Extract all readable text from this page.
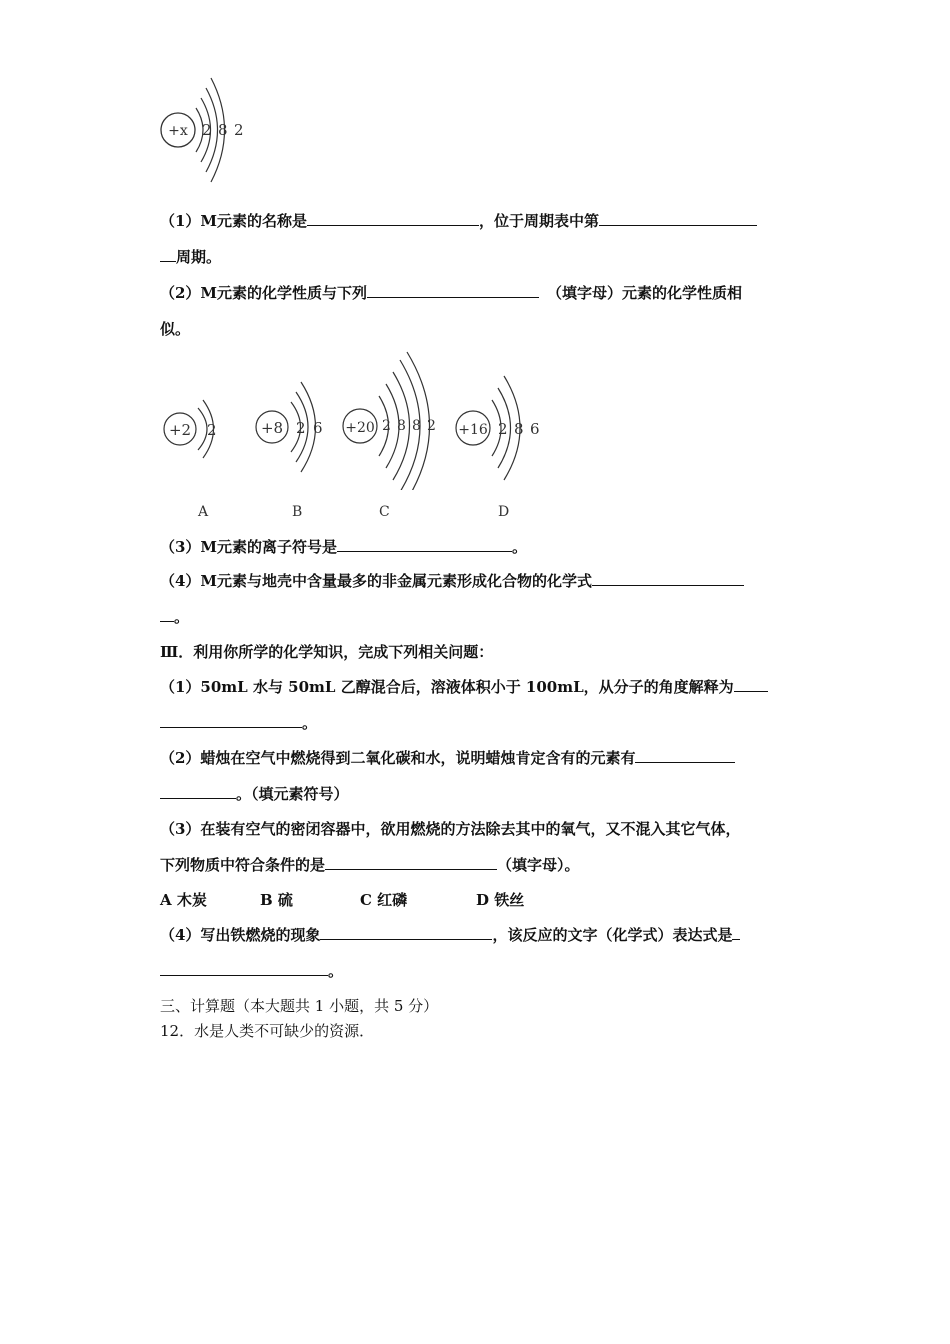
+x 2 8 2
（1）M元素的名称是	，位于周期表中第
周期。
（2）M元素的化学性质与下列	（填字母）元素的化学性质相
似。
+2 2	+8 2 6 +20 2 8 8 2 +16 2 8 6
A	B	C	D
（3）M元素的离子符号是	。
（4）M元素与地壳中含量最多的非金属元素形成化合物的化学式
。
Ⅲ．利用你所学的化学知识，完成下列相关问题：
（1）50mL 水与 50mL 乙醇混合后，溶液体积小于 100mL，从分子的角度解释为
。
（2）蜡烛在空气中燃烧得到二氧化碳和水，说明蜡烛肯定含有的元素有
。（填元素符号）
（3）在装有空气的密闭容器中，欲用燃烧的方法除去其中的氧气，又不混入其它气体，
下列物质中符合条件的是	（填字母）。
A 木炭	B 硫	C 红磷	D 铁丝
（4）写出铁燃烧的现象	，该反应的文字（化学式）表达式是
。
三、计算题（本大题共 1 小题，共 5 分）
12．水是人类不可缺少的资源．
